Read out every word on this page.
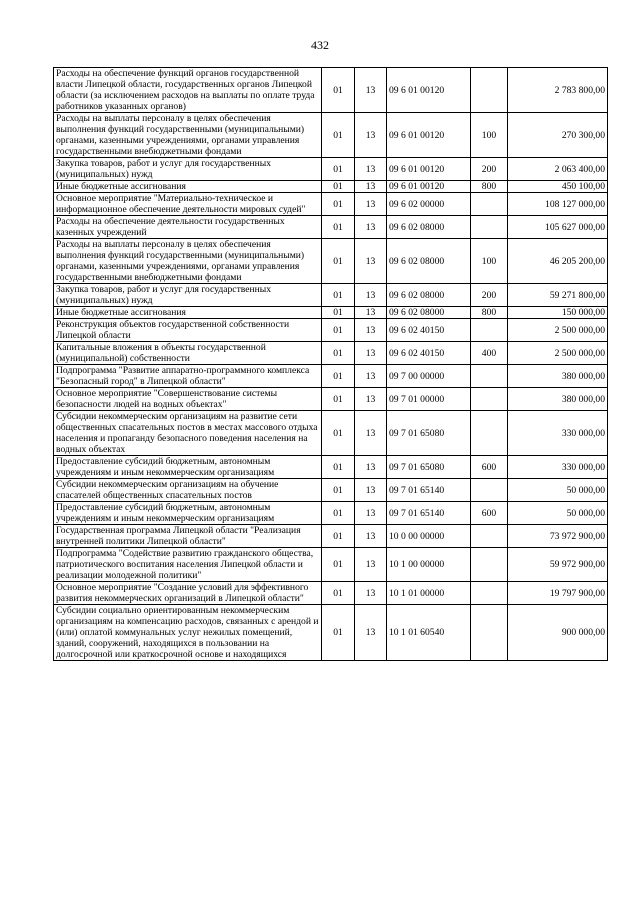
432
Расходы на обеспечение функций органов государственной власти Липецкой области, государственных органов Липецкой области (за исключением расходов на выплаты по оплате труда работников указанных органов)	01	13	09 6 01 00120		2 783 800,00
Расходы на выплаты персоналу в целях обеспечения выполнения функций государственными (муниципальными) органами, казенными учреждениями, органами управления государственными внебюджетными фондами	01	13	09 6 01 00120	100	270 300,00
Закупка товаров, работ и услуг для государственных (муниципальных) нужд	01	13	09 6 01 00120	200	2 063 400,00
Иные бюджетные ассигнования	01	13	09 6 01 00120	800	450 100,00
Основное мероприятие "Материально-техническое и информационное обеспечение деятельности мировых судей"	01	13	09 6 02 00000		108 127 000,00
Расходы на обеспечение деятельности государственных казенных учреждений	01	13	09 6 02 08000		105 627 000,00
Расходы на выплаты персоналу в целях обеспечения выполнения функций государственными (муниципальными) органами, казенными учреждениями, органами управления государственными внебюджетными фондами	01	13	09 6 02 08000	100	46 205 200,00
Закупка товаров, работ и услуг для государственных (муниципальных) нужд	01	13	09 6 02 08000	200	59 271 800,00
Иные бюджетные ассигнования	01	13	09 6 02 08000	800	150 000,00
Реконструкция объектов государственной собственности Липецкой области	01	13	09 6 02 40150		2 500 000,00
Капитальные вложения в объекты государственной (муниципальной) собственности	01	13	09 6 02 40150	400	2 500 000,00
Подпрограмма "Развитие аппаратно-программного комплекса "Безопасный город" в Липецкой области"	01	13	09 7 00 00000		380 000,00
Основное мероприятие "Совершенствование системы безопасности людей на водных объектах"	01	13	09 7 01 00000		380 000,00
Субсидии некоммерческим организациям на развитие сети общественных спасательных постов в местах массового отдыха населения и пропаганду безопасного поведения населения на водных объектах	01	13	09 7 01 65080		330 000,00
Предоставление субсидий бюджетным, автономным учреждениям и иным некоммерческим организациям	01	13	09 7 01 65080	600	330 000,00
Субсидии некоммерческим организациям на обучение спасателей общественных спасательных постов	01	13	09 7 01 65140		50 000,00
Предоставление субсидий бюджетным, автономным учреждениям и иным некоммерческим организациям	01	13	09 7 01 65140	600	50 000,00
Государственная программа Липецкой области "Реализация внутренней политики Липецкой области"	01	13	10 0 00 00000		73 972 900,00
Подпрограмма "Содействие развитию гражданского общества, патриотического воспитания населения Липецкой области и реализации молодежной политики"	01	13	10 1 00 00000		59 972 900,00
Основное мероприятие "Создание условий для эффективного развития некоммерческих организаций в Липецкой области"	01	13	10 1 01 00000		19 797 900,00
Субсидии социально ориентированным некоммерческим организациям на компенсацию расходов, связанных с арендой и (или) оплатой коммунальных услуг нежилых помещений, зданий, сооружений, находящихся в пользовании на долгосрочной или краткосрочной основе и находящихся	01	13	10 1 01 60540		900 000,00
